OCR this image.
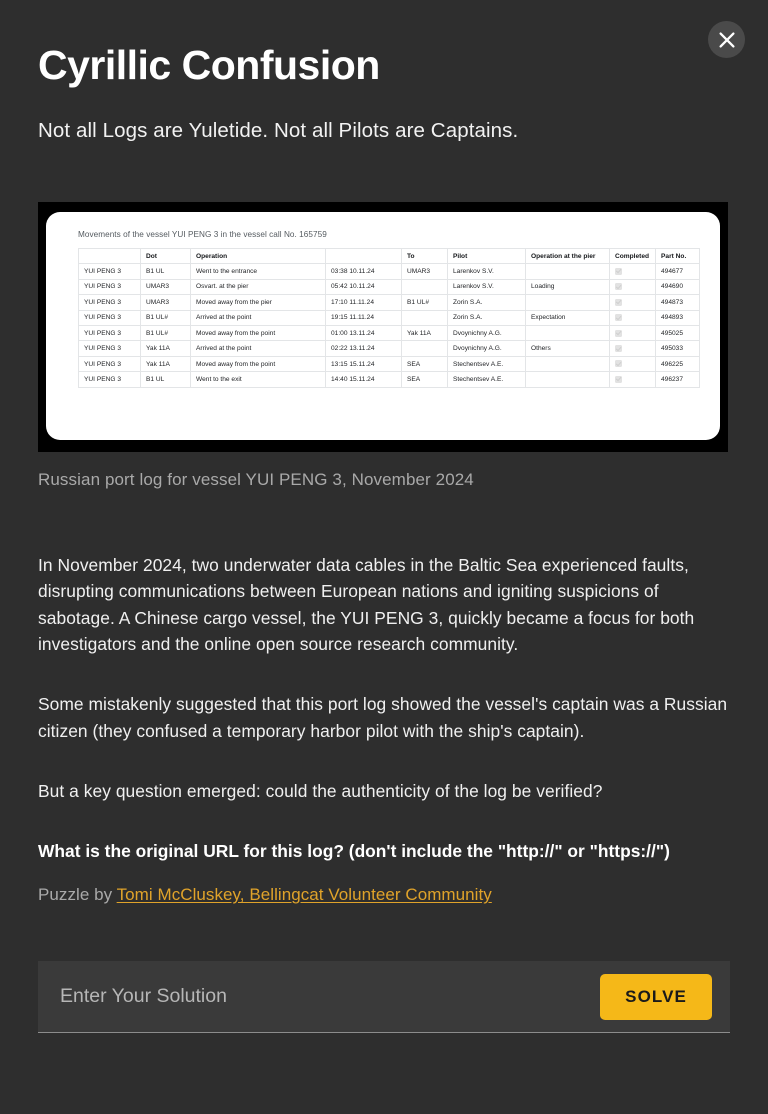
Cyrillic Confusion

Not all Logs are Yuletide. Not all Pilots are Captains.

Movements of the vessel YUI PENG 3 in the vessel call No. 165759
	Dot	Operation		To	Pilot	Operation at the pier	Completed	Part No.
YUI PENG 3	B1 UL	Went to the entrance	03:38 10.11.24	UMAR3	Larenkov S.V.			494677
YUI PENG 3	UMAR3	Osvart. at the pier	05:42 10.11.24		Larenkov S.V.	Loading		494690
YUI PENG 3	UMAR3	Moved away from the pier	17:10 11.11.24	B1 UL#	Zorin S.A.			494873
YUI PENG 3	B1 UL#	Arrived at the point	19:15 11.11.24		Zorin S.A.	Expectation		494893
YUI PENG 3	B1 UL#	Moved away from the point	01:00 13.11.24	Yak 11A	Dvoynichny A.G.			495025
YUI PENG 3	Yak 11A	Arrived at the point	02:22 13.11.24		Dvoynichny A.G.	Others		495033
YUI PENG 3	Yak 11A	Moved away from the point	13:15 15.11.24	SEA	Stechentsev A.E.			496225
YUI PENG 3	B1 UL	Went to the exit	14:40 15.11.24	SEA	Stechentsev A.E.			496237
Russian port log for vessel YUI PENG 3, November 2024

In November 2024, two underwater data cables in the Baltic Sea experienced faults, disrupting communications between European nations and igniting suspicions of sabotage. A Chinese cargo vessel, the YUI PENG 3, quickly became a focus for both investigators and the online open source research community.

Some mistakenly suggested that this port log showed the vessel's captain was a Russian citizen (they confused a temporary harbor pilot with the ship's captain).

But a key question emerged: could the authenticity of the log be verified?

What is the original URL for this log? (don't include the "http://" or "https://")

Puzzle by Tomi McCluskey, Bellingcat Volunteer Community

Enter Your Solution
SOLVE
